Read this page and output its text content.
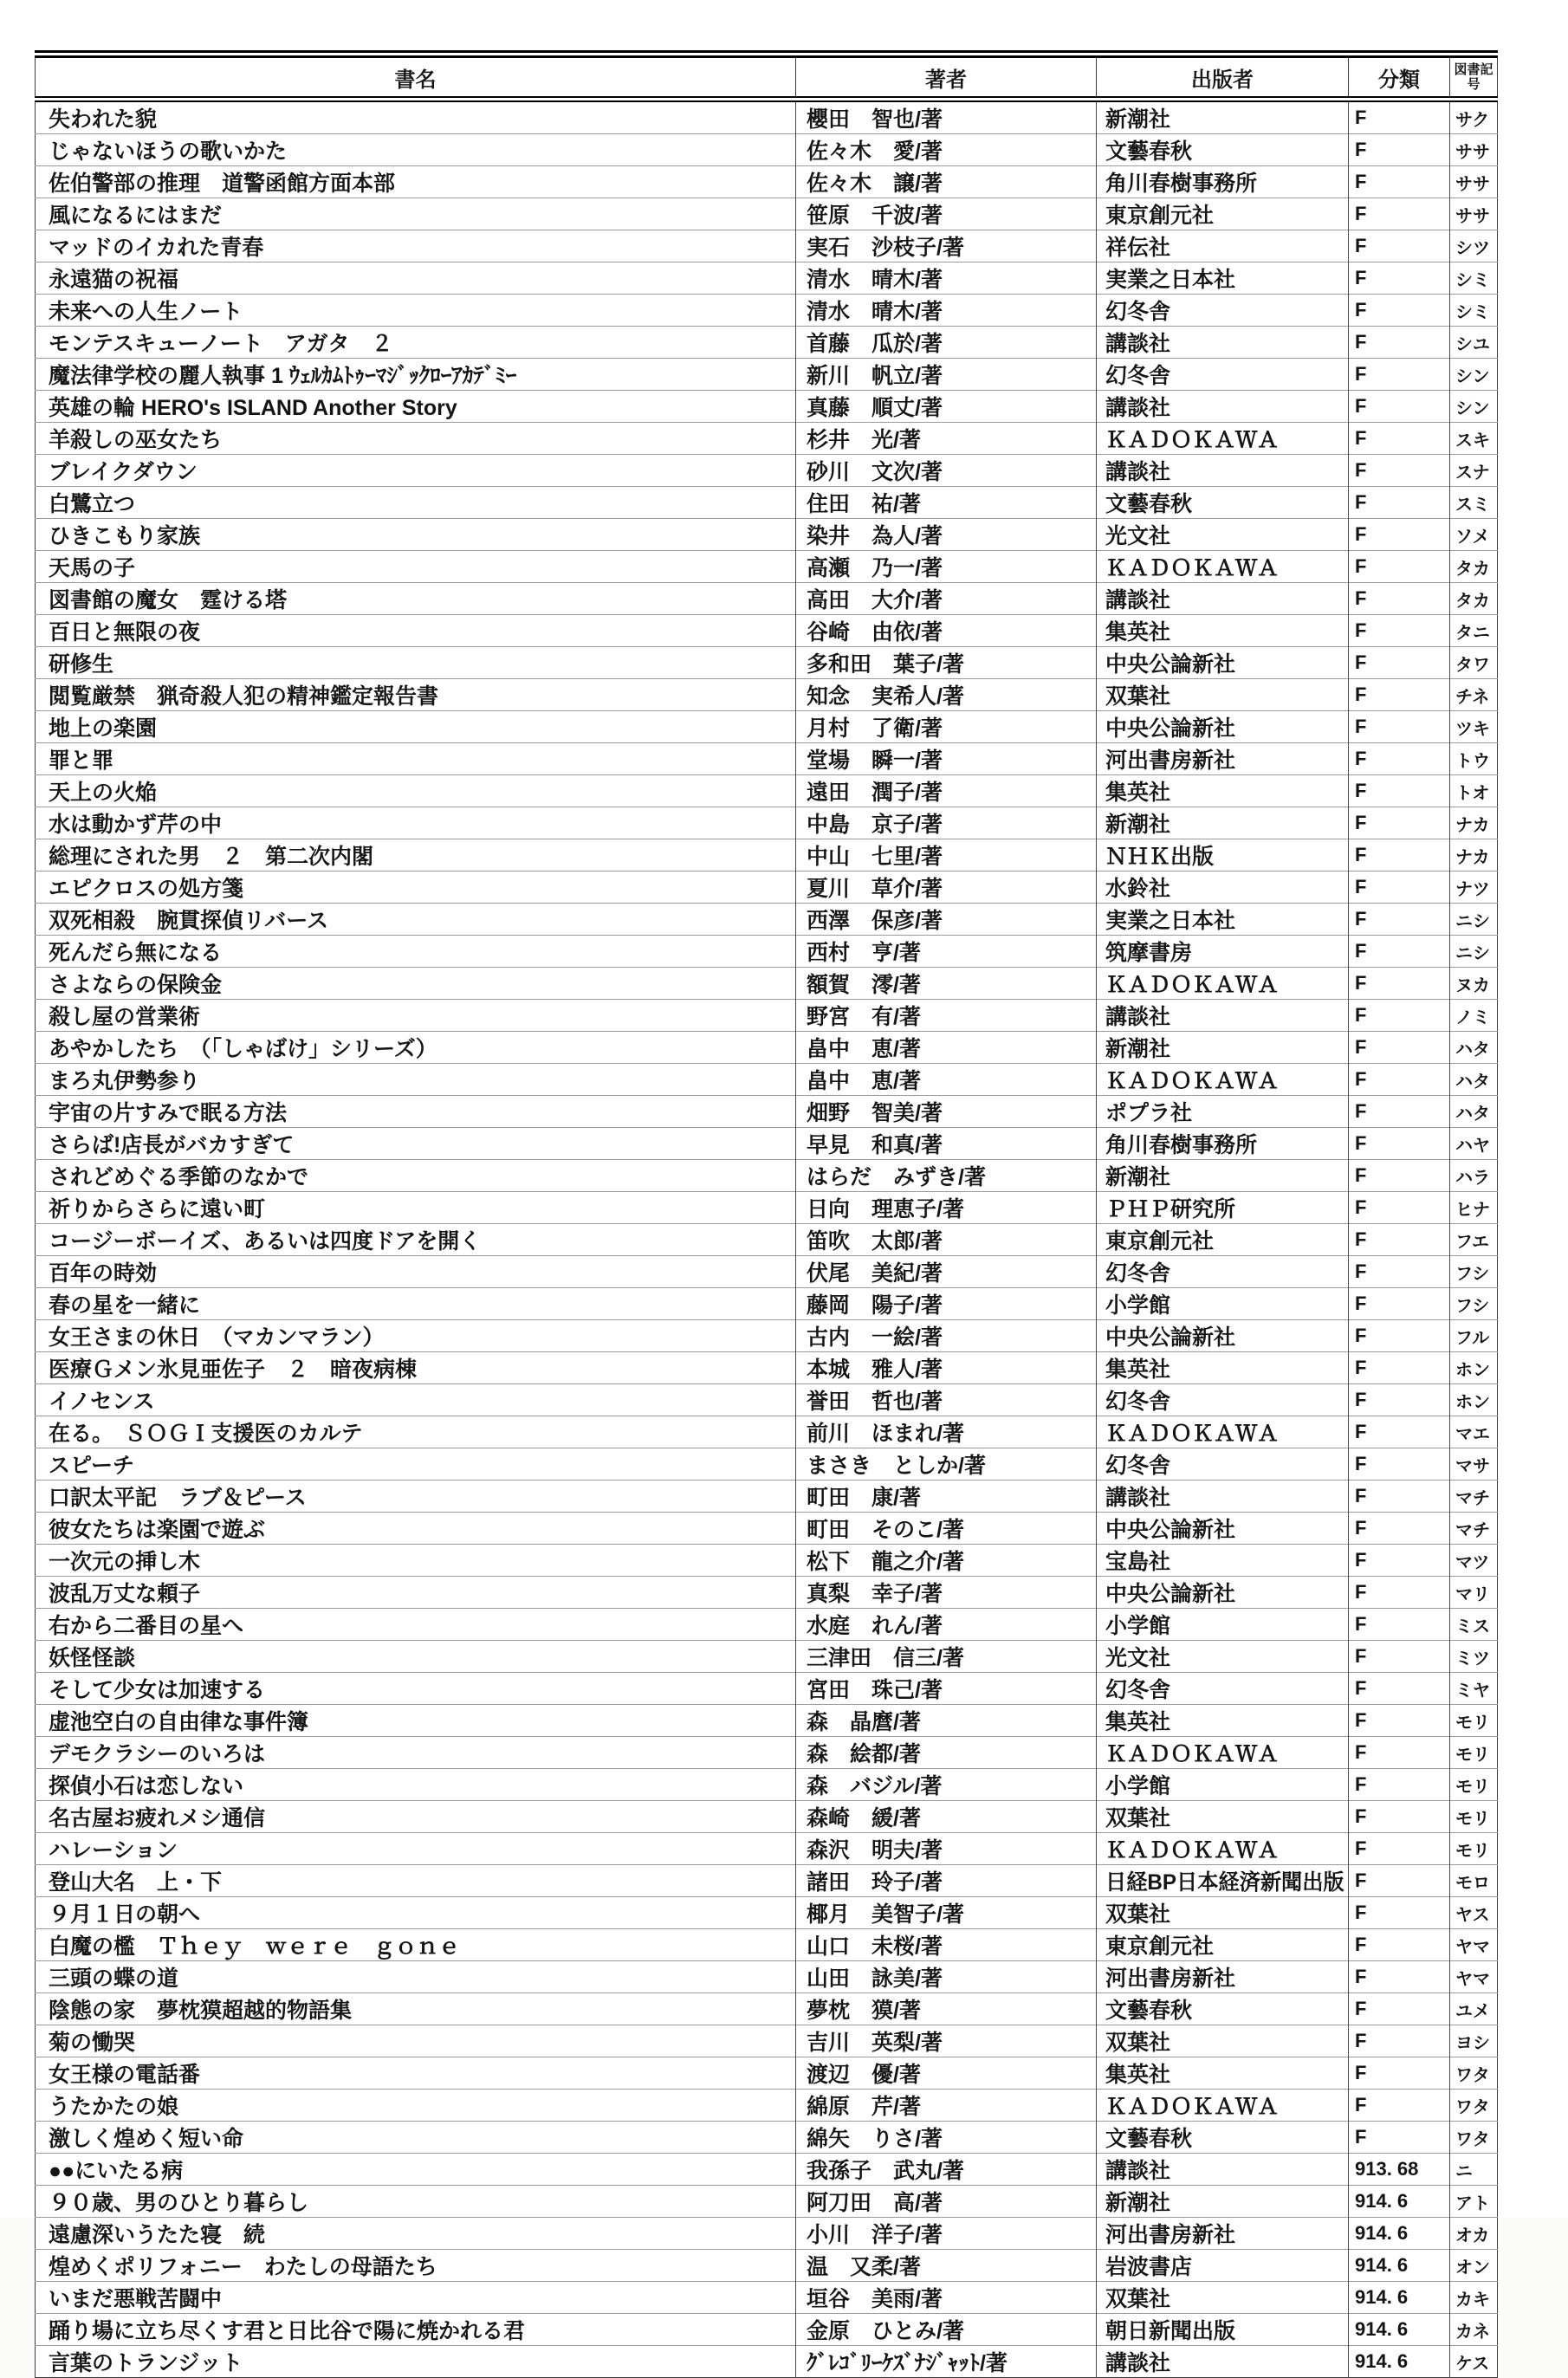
書名	著者	出版者	分類	図書記
号
失われた貌	櫻田　智也/著	新潮社	F	サク
じゃないほうの歌いかた	佐々木　愛/著	文藝春秋	F	ササ
佐伯警部の推理　道警函館方面本部	佐々木　譲/著	角川春樹事務所	F	ササ
風になるにはまだ	笹原　千波/著	東京創元社	F	ササ
マッドのイカれた青春	実石　沙枝子/著	祥伝社	F	シツ
永遠猫の祝福	清水　晴木/著	実業之日本社	F	シミ
未来への人生ノート	清水　晴木/著	幻冬舎	F	シミ
モンテスキューノート　アガタ　２	首藤　瓜於/著	講談社	F	シユ
魔法律学校の麗人執事 1 ｳｪﾙｶﾑﾄｩｰﾏｼﾞｯｸﾛｰｱｶﾃﾞﾐｰ	新川　帆立/著	幻冬舎	F	シン
英雄の輪 HERO's ISLAND Another Story	真藤　順丈/著	講談社	F	シン
羊殺しの巫女たち	杉井　光/著	ＫＡＤＯＫＡＷＡ	F	スキ
ブレイクダウン	砂川　文次/著	講談社	F	スナ
白鷺立つ	住田　祐/著	文藝春秋	F	スミ
ひきこもり家族	染井　為人/著	光文社	F	ソメ
天馬の子	高瀬　乃一/著	ＫＡＤＯＫＡＷＡ	F	タカ
図書館の魔女　霆ける塔	高田　大介/著	講談社	F	タカ
百日と無限の夜	谷崎　由依/著	集英社	F	タニ
研修生	多和田　葉子/著	中央公論新社	F	タワ
閲覧厳禁　猟奇殺人犯の精神鑑定報告書	知念　実希人/著	双葉社	F	チネ
地上の楽園	月村　了衛/著	中央公論新社	F	ツキ
罪と罪	堂場　瞬一/著	河出書房新社	F	トウ
天上の火焔	遠田　潤子/著	集英社	F	トオ
水は動かず芹の中	中島　京子/著	新潮社	F	ナカ
総理にされた男　２　第二次内閣	中山　七里/著	ＮＨＫ出版	F	ナカ
エピクロスの処方箋	夏川　草介/著	水鈴社	F	ナツ
双死相殺　腕貫探偵リバース	西澤　保彦/著	実業之日本社	F	ニシ
死んだら無になる	西村　亨/著	筑摩書房	F	ニシ
さよならの保険金	額賀　澪/著	ＫＡＤＯＫＡＷＡ	F	ヌカ
殺し屋の営業術	野宮　有/著	講談社	F	ノミ
あやかしたち　（「しゃばけ」シリーズ）	畠中　恵/著	新潮社	F	ハタ
まろ丸伊勢参り	畠中　恵/著	ＫＡＤＯＫＡＷＡ	F	ハタ
宇宙の片すみで眠る方法	畑野　智美/著	ポプラ社	F	ハタ
さらば!店長がバカすぎて	早見　和真/著	角川春樹事務所	F	ハヤ
されどめぐる季節のなかで	はらだ　みずき/著	新潮社	F	ハラ
祈りからさらに遠い町	日向　理恵子/著	ＰＨＰ研究所	F	ヒナ
コージーボーイズ、あるいは四度ドアを開く	笛吹　太郎/著	東京創元社	F	フエ
百年の時効	伏尾　美紀/著	幻冬舎	F	フシ
春の星を一緒に	藤岡　陽子/著	小学館	F	フシ
女王さまの休日　（マカンマラン）	古内　一絵/著	中央公論新社	F	フル
医療Ｇメン氷見亜佐子　２　暗夜病棟	本城　雅人/著	集英社	F	ホン
イノセンス	誉田　哲也/著	幻冬舎	F	ホン
在る。　ＳＯＧＩ支援医のカルテ	前川　ほまれ/著	ＫＡＤＯＫＡＷＡ	F	マエ
スピーチ	まさき　としか/著	幻冬舎	F	マサ
口訳太平記　ラブ＆ピース	町田　康/著	講談社	F	マチ
彼女たちは楽園で遊ぶ	町田　そのこ/著	中央公論新社	F	マチ
一次元の挿し木	松下　龍之介/著	宝島社	F	マツ
波乱万丈な頼子	真梨　幸子/著	中央公論新社	F	マリ
右から二番目の星へ	水庭　れん/著	小学館	F	ミス
妖怪怪談	三津田　信三/著	光文社	F	ミツ
そして少女は加速する	宮田　珠己/著	幻冬舎	F	ミヤ
虚池空白の自由律な事件簿	森　晶麿/著	集英社	F	モリ
デモクラシーのいろは	森　絵都/著	ＫＡＤＯＫＡＷＡ	F	モリ
探偵小石は恋しない	森　バジル/著	小学館	F	モリ
名古屋お疲れメシ通信	森崎　緩/著	双葉社	F	モリ
ハレーション	森沢　明夫/著	ＫＡＤＯＫＡＷＡ	F	モリ
登山大名　上・下	諸田　玲子/著	日経BP日本経済新聞出版	F	モロ
９月１日の朝へ	椰月　美智子/著	双葉社	F	ヤス
白魔の檻　Ｔｈｅｙ　ｗｅｒｅ　ｇｏｎｅ	山口　未桜/著	東京創元社	F	ヤマ
三頭の蝶の道	山田　詠美/著	河出書房新社	F	ヤマ
陰態の家　夢枕獏超越的物語集	夢枕　獏/著	文藝春秋	F	ユメ
菊の慟哭	吉川　英梨/著	双葉社	F	ヨシ
女王様の電話番	渡辺　優/著	集英社	F	ワタ
うたかたの娘	綿原　芹/著	ＫＡＤＯＫＡＷＡ	F	ワタ
激しく煌めく短い命	綿矢　りさ/著	文藝春秋	F	ワタ
●●にいたる病	我孫子　武丸/著	講談社	913. 68	ニ
９０歳、男のひとり暮らし	阿刀田　高/著	新潮社	914. 6	アト
遠慮深いうたた寝　続	小川　洋子/著	河出書房新社	914. 6	オカ
煌めくポリフォニー　わたしの母語たち	温　又柔/著	岩波書店	914. 6	オン
いまだ悪戦苦闘中	垣谷　美雨/著	双葉社	914. 6	カキ
踊り場に立ち尽くす君と日比谷で陽に焼かれる君	金原　ひとみ/著	朝日新聞出版	914. 6	カネ
言葉のトランジット	ｸﾞﾚｺﾞﾘｰｹｽﾞﾅｼﾞｬｯﾄ/著	講談社	914. 6	ケス
